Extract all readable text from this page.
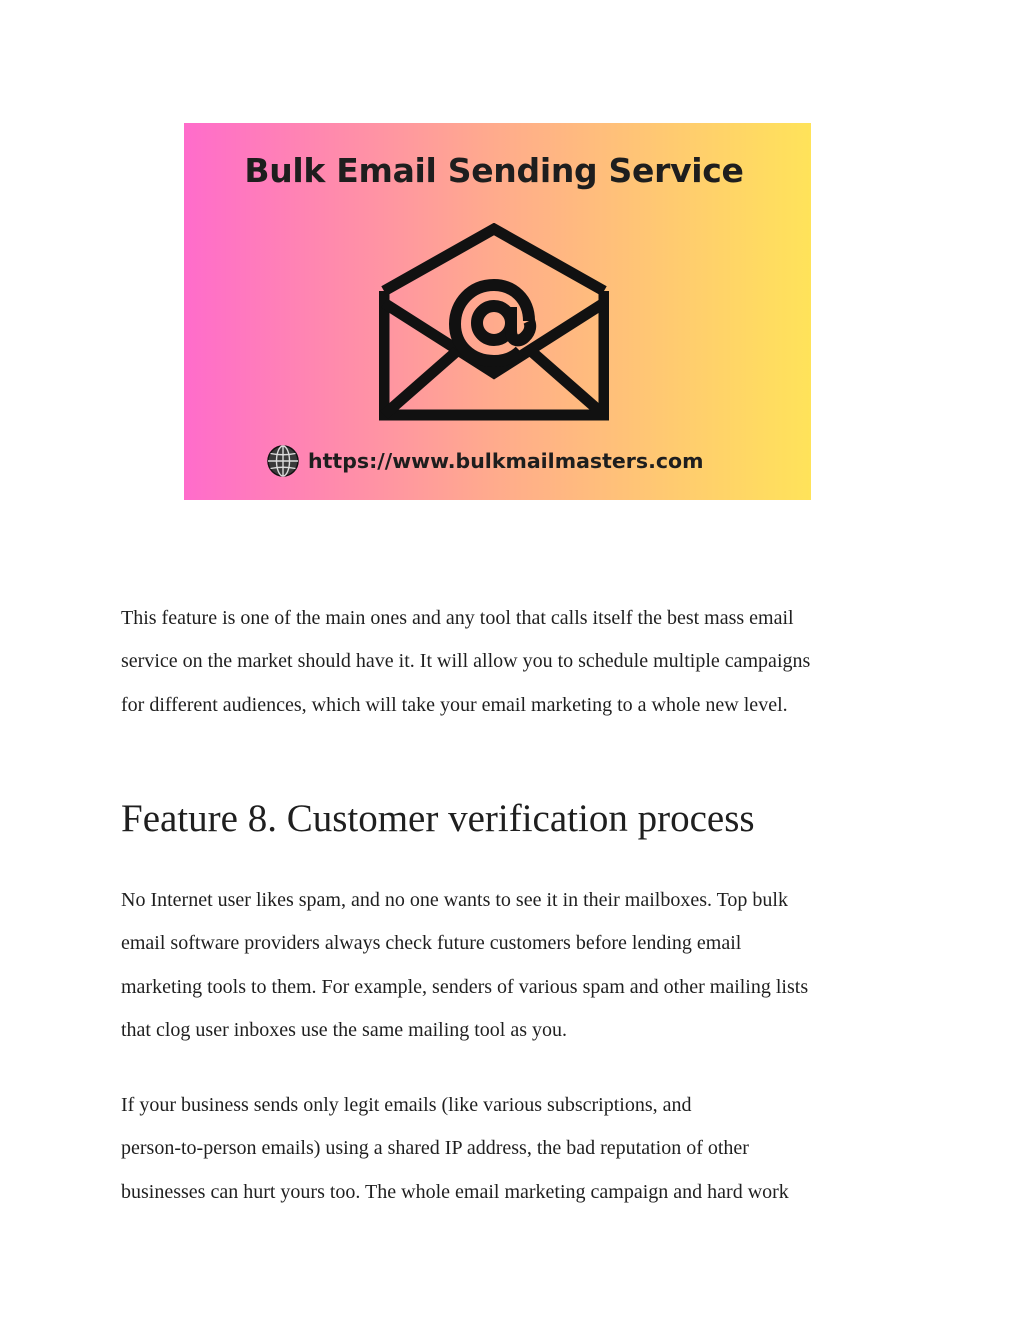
Bulk Email Sending Service
https://www.bulkmailmasters.com
This feature is one of the main ones and any tool that calls itself the best mass email
service on the market should have it. It will allow you to schedule multiple campaigns
for different audiences, which will take your email marketing to a whole new level.
Feature 8. Customer verification process
No Internet user likes spam, and no one wants to see it in their mailboxes. Top bulk
email software providers always check future customers before lending email
marketing tools to them. For example, senders of various spam and other mailing lists
that clog user inboxes use the same mailing tool as you.
If your business sends only legit emails (like various subscriptions, and
person-to-person emails) using a shared IP address, the bad reputation of other
businesses can hurt yours too. The whole email marketing campaign and hard work
